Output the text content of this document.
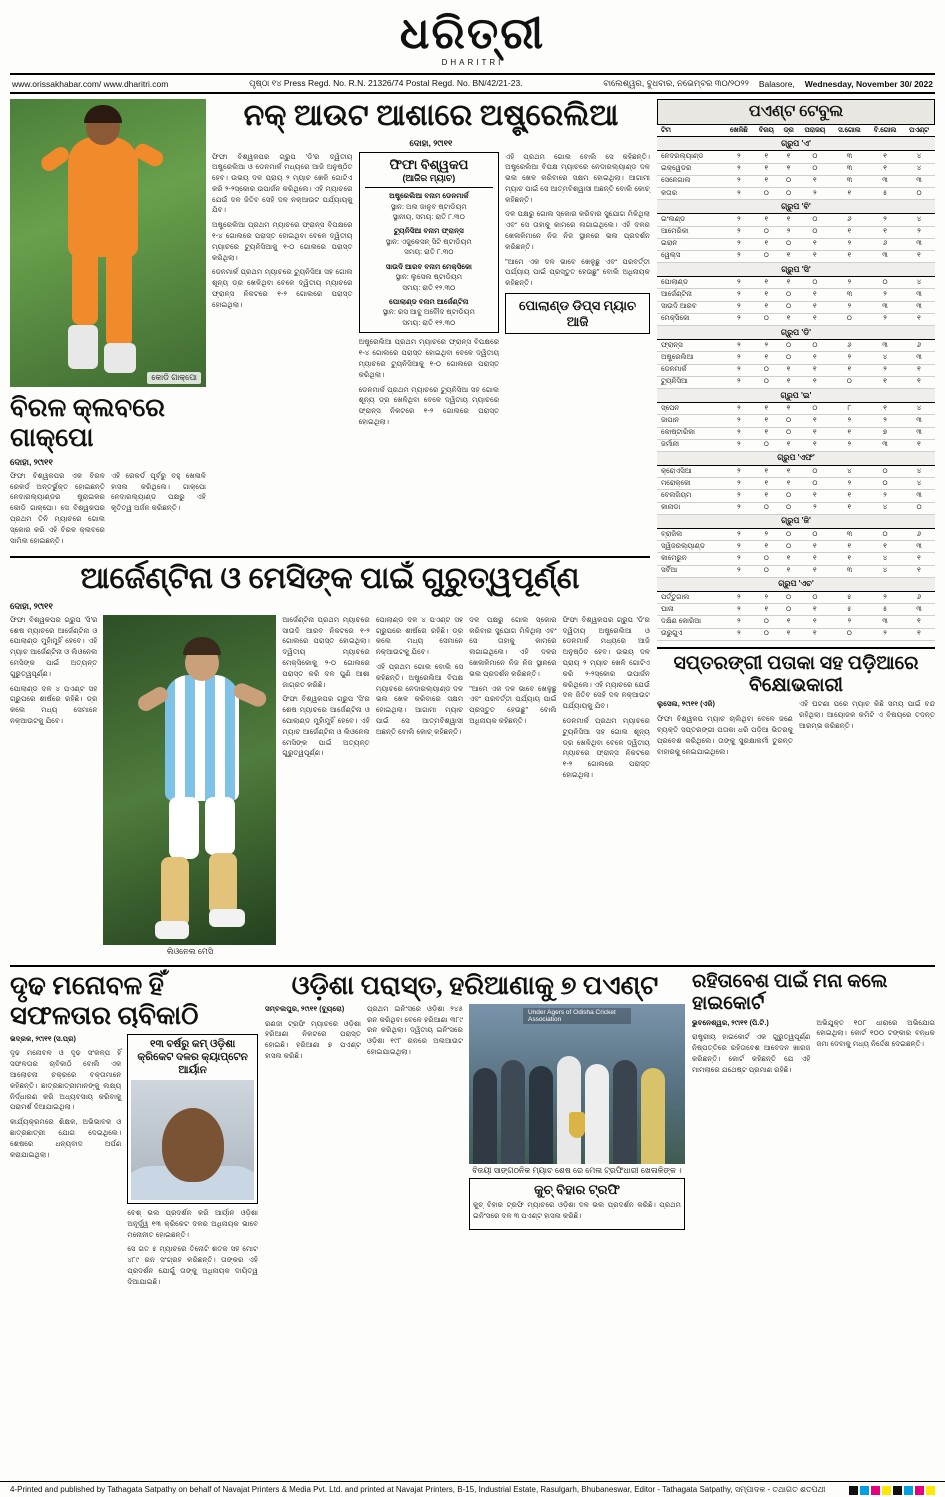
ଧରିତ୍ରୀ
DHARITRI
www.orissakhabar.com/ www.dharitri.com	ପୃଷ୍ଠା ୧୪ Press Regd. No. R.N. 21326/74 Postal Regd. No. BN/42/21-23.	ବାଲେଶ୍ୱର, ବୁଧବାର, ନଭେମ୍ବର ୩୦/୨୦୨୨ Balasore, Wednesday, November 30/ 2022
କୋଡି ଗାକ୍‌ପୋ
ବିରଳ କ୍ଲବରେ ଗାକ୍‌ପୋ
ଦୋହା, ୨୯ା୧୧

ଫିଫା ବିଶ୍ୱକପର ଏକ ବିରଳ ରେକର୍ଡ ଅନ୍ତର୍ଭୁକ୍ତ ହୋଇଛନ୍ତି ନେଦାରଲ୍ୟାଣ୍ଡର ଷ୍ଟ୍ରାଇକର କୋଡି ଗାକ୍‌ପୋ। ସେ ବିଶ୍ୱକପର ପ୍ରଥମ ତିନି ମ୍ୟାଚରେ ଗୋଲ ସ୍କୋର କରି ଏହି ବିରଳ କ୍ଲବରେ ସାମିଲ ହୋଇଛନ୍ତି।

ଏହି ରେକର୍ଡ ପୂର୍ବରୁ ବହୁ ଖେଳାଳି ହାସଲ କରିଥିଲେ। ଗାକ୍‌ପୋ ନେଦାରଲ୍ୟାଣ୍ଡ ପକ୍ଷରୁ ଏହି କୃତିତ୍ୱ ଅର୍ଜନ କରିଛନ୍ତି।

ନକ୍ ଆଉଟ ଆଶାରେ ଅଷ୍ଟ୍ରେଲିଆ
ଦୋହା, ୨୯ା୧୧

ଫିଫା ବିଶ୍ୱକପର ଗ୍ରୁପ 'ଡି'ର ଦ୍ୱିତୀୟ ଅଷ୍ଟ୍ରେଲିଆ ଓ ଡେନମାର୍କ ମଧ୍ୟରେ ଆଜି ଅନୁଷ୍ଠିତ ହେବ। ଉଭୟ ଦଳ ପ୍ରାୟ ୨ ମ୍ୟାଚ ଖେଳି ଗୋଟିଏ କରି ୨-୨ସ୍କୋର ଉପାର୍ଜନ କରିଥିଲେ। ଏହି ମ୍ୟାଚରେ ଯେଉଁ ଦଳ ଜିତିବ ସେହି ଦଳ ନକ୍‌ଆଉଟ ପର୍ଯ୍ୟାୟକୁ ଯିବ।

ଅଷ୍ଟ୍ରେଲିଆ ପ୍ରଥମ ମ୍ୟାଚରେ ଫ୍ରାନ୍ସ ବିପକ୍ଷରେ ୧-୪ ଗୋଲରେ ପରାସ୍ତ ହୋଇଥିବା ବେଳେ ଦ୍ୱିତୀୟ ମ୍ୟାଚରେ ଟ୍ୟୁନିସିଆକୁ ୧-୦ ଗୋଲରେ ପରାସ୍ତ କରିଥିଲା।

ଡେନମାର୍କ ପ୍ରଥମ ମ୍ୟାଚରେ ଟ୍ୟୁନିସିଆ ସହ ଗୋଲ ଶୂନ୍ୟ ଡ୍ର ଖେଳିଥିବା ବେଳେ ଦ୍ୱିତୀୟ ମ୍ୟାଚରେ ଫ୍ରାନ୍ସ ନିକଟରେ ୧-୨ ଗୋଲରେ ପରାସ୍ତ ହୋଇଥିଲା।

ଫିଫା ବିଶ୍ୱକପ
(ଆଜିର ମ୍ୟାଚ)
ଅଷ୍ଟ୍ରେଲିଆ ବନାମ ଡେନମାର୍କ
ସ୍ଥାନ: ଅଲ ଜାନୁବ ଷ୍ଟାଡିୟମ
ସ୍ଥାନୀୟ, ସମୟ: ରାତି ୮.୩୦
ଟ୍ୟୁନିସିଆ ବନାମ ଫ୍ରାନ୍ସ
ସ୍ଥାନ: ଏଜୁକେସନ୍ ସିଟି ଷ୍ଟାଡିୟମ
ସମୟ: ରାତି ୮.୩୦
ସାଉଦି ଆରବ ବନାମ ମେକ୍ସିକୋ
ସ୍ଥାନ: ଲୁସେଲ ଷ୍ଟାଡିୟମ
ସମୟ: ରାତି ୧୨.୩୦
ପୋଲାଣ୍ଡ ବନାମ ଆର୍ଜେଣ୍ଟିନା
ସ୍ଥାନ: ରସ ଆବୁ ଅବୌଦ ଷ୍ଟାଡିୟମ
ସମୟ: ରାତି ୧୨.୩୦

ଅଷ୍ଟ୍ରେଲିଆ ପ୍ରଥମ ମ୍ୟାଚରେ ଫ୍ରାନ୍ସ ବିପକ୍ଷରେ ୧-୪ ଗୋଲରେ ପରାସ୍ତ ହୋଇଥିବା ବେଳେ ଦ୍ୱିତୀୟ ମ୍ୟାଚରେ ଟ୍ୟୁନିସିଆକୁ ୧-୦ ଗୋଲରେ ପରାସ୍ତ କରିଥିଲା।

ଡେନମାର୍କ ପ୍ରଥମ ମ୍ୟାଚରେ ଟ୍ୟୁନିସିଆ ସହ ଗୋଲ ଶୂନ୍ୟ ଡ୍ର ଖେଳିଥିବା ବେଳେ ଦ୍ୱିତୀୟ ମ୍ୟାଚରେ ଫ୍ରାନ୍ସ ନିକଟରେ ୧-୨ ଗୋଲରେ ପରାସ୍ତ ହୋଇଥିଲା।

ଏହି ପ୍ରଥମ ଗୋଲ ବୋଲି ସେ କହିଛନ୍ତି। ଅଷ୍ଟ୍ରେଲିଆ ବିପକ୍ଷ ମ୍ୟାଚରେ ନେଦାରଲ୍ୟାଣ୍ଡ ଦଳ ଭଲ ଖେଳ କରିବାରେ ସକ୍ଷମ ହୋଇଥିଲା। ଆଗାମୀ ମ୍ୟାଚ ପାଇଁ ସେ ଆତ୍ମବିଶ୍ୱାସୀ ଅଛନ୍ତି ବୋଲି କୋଚ୍ କହିଛନ୍ତି।

ଦଳ ପକ୍ଷରୁ ଗୋଲ ସ୍କୋର କରିବାର ସୁଯୋଗ ମିଳିଥିଲା ଏବଂ ସେ ତାହାକୁ କାମରେ ଲଗାଇଥିଲେ। ଏହି ଦଳର ଖେଳାଳିମାନେ ନିଜ ନିଜ ସ୍ଥାନରେ ଭଲ ପ୍ରଦର୍ଶନ କରିଛନ୍ତି।

"ଆମେ ଏକ ଦଳ ଭାବେ ଖେଳୁଛୁ ଏବଂ ପରବର୍ତ୍ତୀ ପର୍ଯ୍ୟାୟ ପାଇଁ ପ୍ରସ୍ତୁତ ହେଉଛୁ" ବୋଲି ଅଧିନାୟକ କହିଛନ୍ତି।

ପୋଲାଣ୍ଡ ଡିପ୍ସ ମ୍ୟାଚ ଆଜି
ଆର୍ଜେଣ୍ଟିନା ଓ ମେସିଙ୍କ ପାଇଁ ଗୁରୁତ୍ୱପୂର୍ଣ୍ଣ
ଦୋହା, ୨୯ା୧୧

ଫିଫା ବିଶ୍ୱକପର ଗ୍ରୁପ 'ସି'ର ଶେଷ ମ୍ୟାଚରେ ଆର୍ଜେଣ୍ଟିନା ଓ ପୋଲାଣ୍ଡ ମୁହାଁମୁହିଁ ହେବେ। ଏହି ମ୍ୟାଚ ଆର୍ଜେଣ୍ଟିନା ଓ ଲିଓନେଲ ମେସିଙ୍କ ପାଇଁ ଅତ୍ୟନ୍ତ ଗୁରୁତ୍ୱପୂର୍ଣ୍ଣ।

ପୋଲାଣ୍ଡ ଦଳ ୪ ପଏଣ୍ଟ ସହ ଗ୍ରୁପରେ ଶୀର୍ଷରେ ରହିଛି। ଡ୍ର କଲେ ମଧ୍ୟ ସେମାନେ ନକ୍‌ଆଉଟକୁ ଯିବେ।

ଲିଓନେଲ ମେସି

ଆର୍ଜେଣ୍ଟିନା ପ୍ରଥମ ମ୍ୟାଚରେ ସାଉଦି ଆରବ ନିକଟରେ ୧-୨ ଗୋଲରେ ପରାସ୍ତ ହୋଇଥିଲା। ଦ୍ୱିତୀୟ ମ୍ୟାଚରେ ମେକ୍ସିକୋକୁ ୨-୦ ଗୋଲରେ ପରାସ୍ତ କରି ଦଳ ପୁଣି ଆଶା ଜାଗ୍ରତ କରିଛି।

ଫିଫା ବିଶ୍ୱକପର ଗ୍ରୁପ 'ସି'ର ଶେଷ ମ୍ୟାଚରେ ଆର୍ଜେଣ୍ଟିନା ଓ ପୋଲାଣ୍ଡ ମୁହାଁମୁହିଁ ହେବେ। ଏହି ମ୍ୟାଚ ଆର୍ଜେଣ୍ଟିନା ଓ ଲିଓନେଲ ମେସିଙ୍କ ପାଇଁ ଅତ୍ୟନ୍ତ ଗୁରୁତ୍ୱପୂର୍ଣ୍ଣ।

ପୋଲାଣ୍ଡ ଦଳ ୪ ପଏଣ୍ଟ ସହ ଗ୍ରୁପରେ ଶୀର୍ଷରେ ରହିଛି। ଡ୍ର କଲେ ମଧ୍ୟ ସେମାନେ ନକ୍‌ଆଉଟକୁ ଯିବେ।

ଏହି ପ୍ରଥମ ଗୋଲ ବୋଲି ସେ କହିଛନ୍ତି। ଅଷ୍ଟ୍ରେଲିଆ ବିପକ୍ଷ ମ୍ୟାଚରେ ନେଦାରଲ୍ୟାଣ୍ଡ ଦଳ ଭଲ ଖେଳ କରିବାରେ ସକ୍ଷମ ହୋଇଥିଲା। ଆଗାମୀ ମ୍ୟାଚ ପାଇଁ ସେ ଆତ୍ମବିଶ୍ୱାସୀ ଅଛନ୍ତି ବୋଲି କୋଚ୍ କହିଛନ୍ତି।

ଦଳ ପକ୍ଷରୁ ଗୋଲ ସ୍କୋର କରିବାର ସୁଯୋଗ ମିଳିଥିଲା ଏବଂ ସେ ତାହାକୁ କାମରେ ଲଗାଇଥିଲେ। ଏହି ଦଳର ଖେଳାଳିମାନେ ନିଜ ନିଜ ସ୍ଥାନରେ ଭଲ ପ୍ରଦର୍ଶନ କରିଛନ୍ତି।

"ଆମେ ଏକ ଦଳ ଭାବେ ଖେଳୁଛୁ ଏବଂ ପରବର୍ତ୍ତୀ ପର୍ଯ୍ୟାୟ ପାଇଁ ପ୍ରସ୍ତୁତ ହେଉଛୁ" ବୋଲି ଅଧିନାୟକ କହିଛନ୍ତି।

ଫିଫା ବିଶ୍ୱକପର ଗ୍ରୁପ 'ଡି'ର ଦ୍ୱିତୀୟ ଅଷ୍ଟ୍ରେଲିଆ ଓ ଡେନମାର୍କ ମଧ୍ୟରେ ଆଜି ଅନୁଷ୍ଠିତ ହେବ। ଉଭୟ ଦଳ ପ୍ରାୟ ୨ ମ୍ୟାଚ ଖେଳି ଗୋଟିଏ କରି ୨-୨ସ୍କୋର ଉପାର୍ଜନ କରିଥିଲେ। ଏହି ମ୍ୟାଚରେ ଯେଉଁ ଦଳ ଜିତିବ ସେହି ଦଳ ନକ୍‌ଆଉଟ ପର୍ଯ୍ୟାୟକୁ ଯିବ।

ଡେନମାର୍କ ପ୍ରଥମ ମ୍ୟାଚରେ ଟ୍ୟୁନିସିଆ ସହ ଗୋଲ ଶୂନ୍ୟ ଡ୍ର ଖେଳିଥିବା ବେଳେ ଦ୍ୱିତୀୟ ମ୍ୟାଚରେ ଫ୍ରାନ୍ସ ନିକଟରେ ୧-୨ ଗୋଲରେ ପରାସ୍ତ ହୋଇଥିଲା।

ପଏଣ୍ଟ ଟେବୁଲ
ଟିମ	ଖେଳିଛି	ବିଜୟ	ଡ୍ର	ପରାଜୟ	ସ.ଗୋଲ	ବି.ଗୋଲ	ପଏଣ୍ଟ
ଗ୍ରୁପ 'ଏ'							
ନେଦରଲ୍ୟାଣ୍ଡ	୨	୧	୧	୦	୩	୧	୪
ଇକ୍ୱେଡର	୨	୧	୧	୦	୩	୧	୪
ସେନେଗାଲ	୨	୧	୦	୧	୩	୩	୩
କତାର	୨	୦	୦	୨	୧	୫	୦
ଗ୍ରୁପ 'ବି'							
ଇଂଲଣ୍ଡ	୨	୧	୧	୦	୬	୨	୪
ଆମେରିକା	୨	୦	୨	୦	୧	୧	୨
ଇରାନ	୨	୧	୦	୧	୨	୬	୩
ୱେଲ୍‌ସ	୨	୦	୧	୧	୧	୩	୧
ଗ୍ରୁପ 'ସି'							
ପୋଲାଣ୍ଡ	୨	୧	୧	୦	୨	୦	୪
ଆର୍ଜେଣ୍ଟିନା	୨	୧	୦	୧	୩	୨	୩
ସାଉଦି ଆରବ	୨	୧	୦	୧	୨	୩	୩
ମେକ୍ସିକୋ	୨	୦	୧	୧	୦	୨	୧
ଗ୍ରୁପ 'ଡି'							
ଫ୍ରାନ୍ସ	୨	୨	୦	୦	୬	୩	୬
ଅଷ୍ଟ୍ରେଲିଆ	୨	୧	୦	୧	୨	୪	୩
ଡେନମାର୍କ	୨	୦	୧	୧	୧	୨	୧
ଟ୍ୟୁନିସିଆ	୨	୦	୧	୧	୦	୧	୧
ଗ୍ରୁପ 'ଇ'							
ସ୍ପେନ	୨	୧	୧	୦	୮	୧	୪
ଜାପାନ	୨	୧	୦	୧	୨	୨	୩
କୋଷ୍ଟାରିକା	୨	୧	୦	୧	୧	୭	୩
ଜର୍ମାନୀ	୨	୦	୧	୧	୨	୩	୧
ଗ୍ରୁପ 'ଏଫ'							
କ୍ରୋଏସିଆ	୨	୧	୧	୦	୪	୦	୪
ମରୋକ୍କୋ	୨	୧	୧	୦	୨	୦	୪
ବେଲଜିୟମ	୨	୧	୦	୧	୧	୨	୩
କାନାଡା	୨	୦	୦	୨	୧	୪	୦
ଗ୍ରୁପ 'ଜି'							
ବ୍ରାଜିଲ	୨	୨	୦	୦	୩	୦	୬
ସ୍ୱିଜରଲ୍ୟାଣ୍ଡ	୨	୧	୦	୧	୧	୧	୩
କାମେରୁନ	୨	୦	୧	୧	୧	୪	୧
ସର୍ବିଆ	୨	୦	୧	୧	୩	୪	୧
ଗ୍ରୁପ 'ଏଚ'							
ପର୍ତ୍ତୁଗାଲ	୨	୨	୦	୦	୫	୨	୬
ଘାନା	୨	୧	୦	୧	୫	୫	୩
ଦକ୍ଷିଣ କୋରିଆ	୨	୦	୧	୧	୨	୩	୧
ଉରୁଗୁଏ	୨	୦	୧	୧	୦	୨	୧
ସପ୍ତରଙ୍ଗୀ ପତାକା ସହ ପଡ଼ିଆରେ ବିକ୍ଷୋଭକାରୀ

ଲୁସେଲ, ୨୯ା୧୧ (ଏଜି)

ଫିଫା ବିଶ୍ୱକପ ମ୍ୟାଚ ଚାଲିଥିବା ବେଳେ ଜଣେ ବ୍ୟକ୍ତି ସପ୍ତରଙ୍ଗୀ ପତାକା ଧରି ପଡ଼ିଆ ଭିତରକୁ ପ୍ରବେଶ କରିଥିଲେ। ତାଙ୍କୁ ସୁରକ୍ଷାକର୍ମୀ ତୁରନ୍ତ ବାହାରକୁ ନେଇଯାଇଥିଲେ।

ଏହି ଘଟଣା ପରେ ମ୍ୟାଚ କିଛି ସମୟ ପାଇଁ ବନ୍ଦ ରହିଥିଲା। ଆୟୋଜକ କମିଟି ଏ ବିଷୟରେ ତଦନ୍ତ ଆରମ୍ଭ କରିଛନ୍ତି।

ଦୃଢ ମନୋବଳ ହିଁ ସଫଳତାର ଚାବିକାଠି

ଭଦ୍ରକ, ୨୯ା୧୧ (ସ.ପ୍ର)

ଦୃଢ ମନୋବଳ ଓ ଦୃଢ ସଂକଳ୍ପ ହିଁ ସଫଳତାର ଚାବିକାଠି ବୋଲି ଏକ ଆଲୋଚନା ଚକ୍ରରେ ବକ୍ତାମାନେ କହିଛନ୍ତି। ଛାତ୍ରଛାତ୍ରୀମାନଙ୍କୁ ଲକ୍ଷ୍ୟ ନିର୍ଦ୍ଧାରଣ କରି ଅଧ୍ୟବସାୟ କରିବାକୁ ପରାମର୍ଶ ଦିଆଯାଇଥିଲା।

କାର୍ଯ୍ୟକ୍ରମରେ ଶିକ୍ଷକ, ଅଭିଭାବକ ଓ ଛାତ୍ରଛାତ୍ରୀ ଯୋଗ ଦେଇଥିଲେ। ଶେଷରେ ଧନ୍ୟବାଦ ଅର୍ପଣ କରାଯାଇଥିଲା।

୧୩ ବର୍ଷରୁ କମ୍ ଓଡ଼ିଶା କ୍ରିକେଟ ଦଳର କ୍ୟାପ୍ଟେନ ଆର୍ୟାନ

ବେଶ୍ ଭଲ ପ୍ରଦର୍ଶନ କରି ଆର୍ୟାନ ଓଡ଼ିଶା ଅନୂର୍ଦ୍ଧ୍ୱ ୧୩ କ୍ରିକେଟ ଦଳର ଅଧିନାୟକ ଭାବେ ମନୋନୀତ ହୋଇଛନ୍ତି।

ସେ ଗତ ୫ ମ୍ୟାଚରେ ତିନୋଟି ଶତକ ସହ ମୋଟ ୪୮୯ ରନ ସଂଗ୍ରହ କରିଛନ୍ତି। ତାଙ୍କର ଏହି ପ୍ରଦର୍ଶନ ଯୋଗୁଁ ତାଙ୍କୁ ଅଧିନାୟକ ଦାୟିତ୍ୱ ଦିଆଯାଇଛି।

ଓଡ଼ିଶା ପରାସ୍ତ, ହରିଆଣାକୁ ୭ ପଏଣ୍ଟ

ସମ୍ବଲପୁର, ୨୯ା୧୧ (ବ୍ୟୁରୋ)

ରଣଜୀ ଟ୍ରଫି ମ୍ୟାଚରେ ଓଡ଼ିଶା ହରିଆଣା ନିକଟରେ ପରାସ୍ତ ହୋଇଛି। ହରିଆଣା ୭ ପଏଣ୍ଟ ହାସଲ କରିଛି।

ପ୍ରଥମ ଇନିଂସରେ ଓଡ଼ିଶା ୨୪୫ ରନ କରିଥିବା ବେଳେ ହରିଆଣା ୩୮୯ ରନ କରିଥିଲା। ଦ୍ୱିତୀୟ ଇନିଂସରେ ଓଡ଼ିଶା ୧୯୮ ରନରେ ଅଲଆଉଟ ହୋଇଯାଇଥିଲା।

Under Agers of Odisha Cricket Association
ବିଜୟୀ ସାଙ୍ଗଠନିକ ମ୍ୟାଚ ଶେଷ ରେ ମେଳା ଟ୍ରଫିଧାରୀ ଖେଳାଳିଙ୍କ ।
କୁଚ୍ ବିହାର ଟ୍ରଫି

କୁଚ୍ ବିହାର ଟ୍ରଫି ମ୍ୟାଚରେ ଓଡ଼ିଶା ଦଳ ଭଲ ପ୍ରଦର୍ଶନ କରିଛି। ପ୍ରଥମ ଇନିଂସରେ ଦଳ ୩ ପଏଣ୍ଟ ହାସଲ କରିଛି।

ରହିତାବେଶ ପାଇଁ ମନା କଲେ ହାଇକୋର୍ଟ

ଭୁବନେଶ୍ୱର, ୨୯ା୧୧ (ପି.ଟି.)

ରାଷ୍ଟ୍ରୀୟ ହାଇକୋର୍ଟ ଏକ ଗୁରୁତ୍ୱପୂର୍ଣ୍ଣ ନିଷ୍ପତ୍ତିରେ ରହିତାବେଶ ଆବେଦନ ଖାରଜ କରିଛନ୍ତି। କୋର୍ଟ କହିଛନ୍ତି ଯେ ଏହି ମାମଲାରେ ଯଥେଷ୍ଟ ପ୍ରମାଣ ରହିଛି।

ଅଭିଯୁକ୍ତ ୧୦୮ ଧାରାରେ ଅଭିଯୋଗ ହୋଇଥିଲା। କୋର୍ଟ ୧୦୦ ଟଙ୍କାର ବନ୍ଧକ ଜମା ଦେବାକୁ ମଧ୍ୟ ନିର୍ଦ୍ଦେଶ ଦେଇଛନ୍ତି।

4-Printed and published by Tathagata Satpathy on behalf of Navajat Printers & Media Pvt. Ltd. and printed at Navajat Printers, B-15, Industrial Estate, Rasulgarh, Bhubaneswar, Editor - Tathagata Satpathy, ସମ୍ପାଦକ - ତଥାଗତ ଶତପଥୀ
